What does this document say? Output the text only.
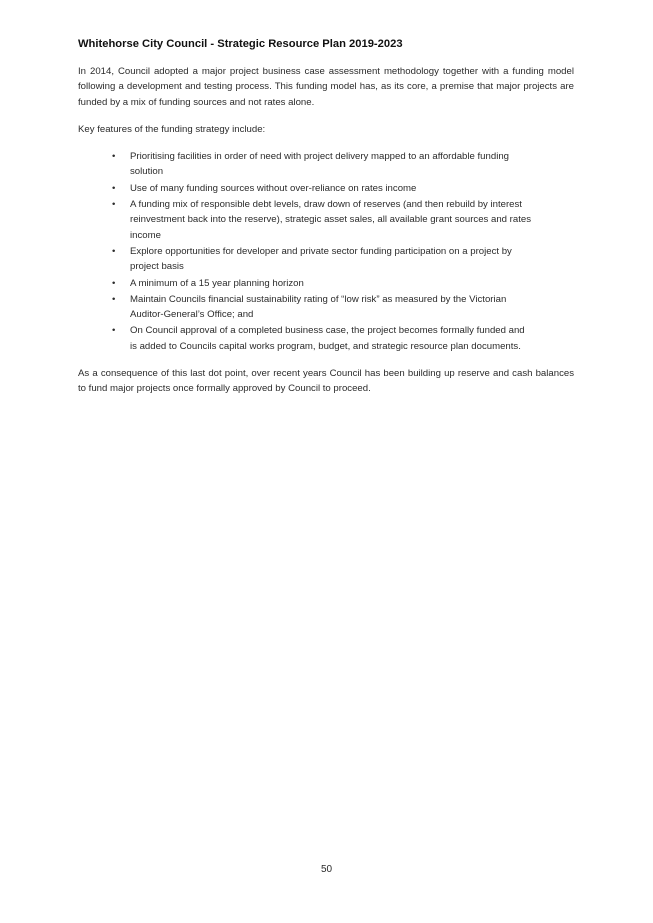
Whitehorse City Council - Strategic Resource Plan 2019-2023

In 2014, Council adopted a major project business case assessment methodology together with a funding model following a development and testing process. This funding model has, as its core, a premise that major projects are funded by a mix of funding sources and not rates alone.

Key features of the funding strategy include:

• Prioritising facilities in order of need with project delivery mapped to an affordable funding solution
• Use of many funding sources without over-reliance on rates income
• A funding mix of responsible debt levels, draw down of reserves (and then rebuild by interest reinvestment back into the reserve), strategic asset sales, all available grant sources and rates income
• Explore opportunities for developer and private sector funding participation on a project by project basis
• A minimum of a 15 year planning horizon
• Maintain Councils financial sustainability rating of “low risk” as measured by the Victorian Auditor-General’s Office; and
• On Council approval of a completed business case, the project becomes formally funded and is added to Councils capital works program, budget, and strategic resource plan documents.

As a consequence of this last dot point, over recent years Council has been building up reserve and cash balances to fund major projects once formally approved by Council to proceed.

50
